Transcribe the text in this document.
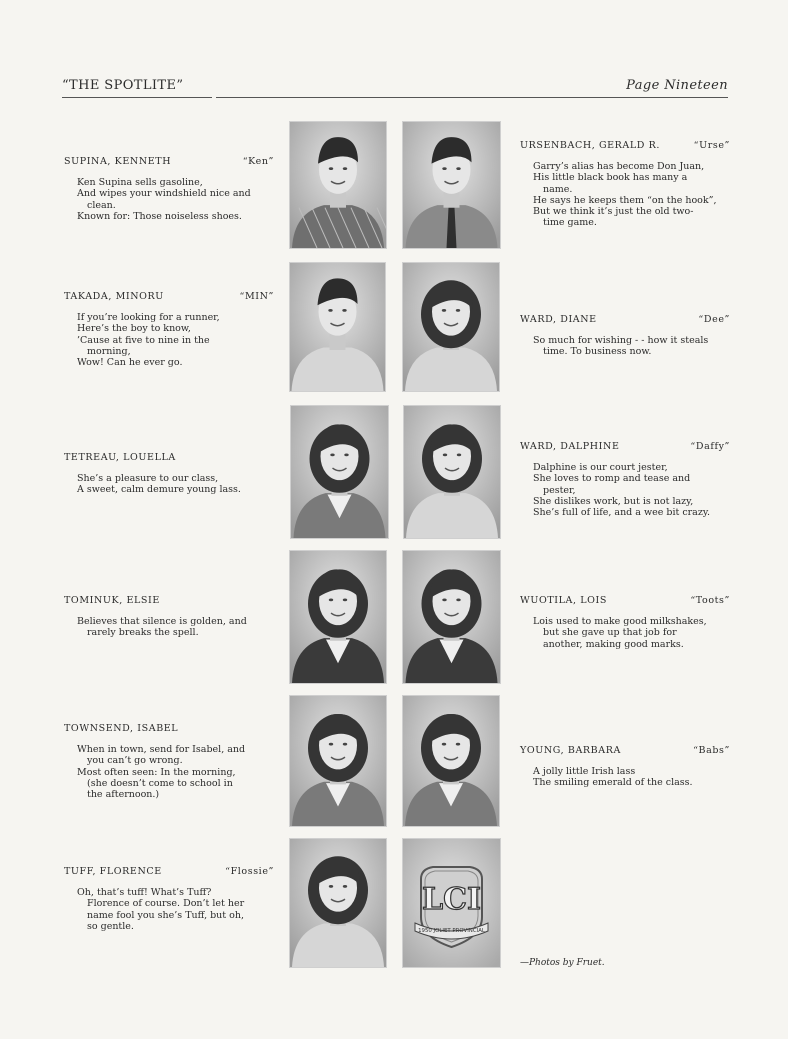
“THE SPOTLITE”	Page Nineteen
SUPINA, KENNETH	“Ken”
Ken Supina sells gasoline,
And wipes your windshield nice and
clean.
Known for: Those noiseless shoes.
URSENBACH, GERALD R.	“Urse”
Garry’s alias has become Don Juan,
His little black book has many a
name.
He says he keeps them “on the hook”,
But we think it’s just the old two-
time game.
TAKADA, MINORU	“MIN”
If you’re looking for a runner,
Here’s the boy to know,
’Cause at five to nine in the
morning,
Wow! Can he ever go.
WARD, DIANE	“Dee”
So much for wishing - - how it steals
time. To business now.
TETREAU, LOUELLA
She’s a pleasure to our class,
A sweet, calm demure young lass.
WARD, DALPHINE	“Daffy”
Dalphine is our court jester,
She loves to romp and tease and
pester,
She dislikes work, but is not lazy,
She’s full of life, and a wee bit crazy.
TOMINUK, ELSIE
Believes that silence is golden, and
rarely breaks the spell.
WUOTILA, LOIS	“Toots”
Lois used to make good milkshakes,
but she gave up that job for
another, making good marks.
TOWNSEND, ISABEL
When in town, send for Isabel, and
you can’t go wrong.
Most often seen: In the morning,
(she doesn’t come to school in
the afternoon.)
YOUNG, BARBARA	“Babs”
A jolly little Irish lass
The smiling emerald of the class.
TUFF, FLORENCE	“Flossie”
Oh, that’s tuff! What’s Tuff?
Florence of course. Don’t let her
name fool you she’s Tuff, but oh,
so gentle.
LCI
1950 JOLIET PROVINCIAL
—Photos by Fruet.
